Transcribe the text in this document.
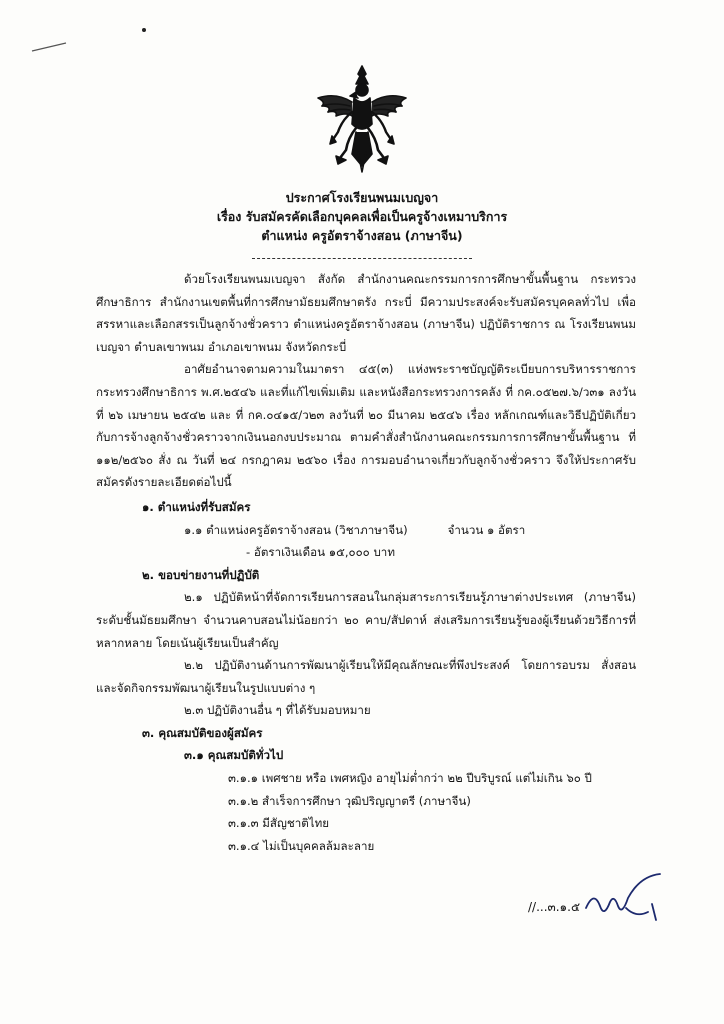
ประกาศโรงเรียนพนมเบญจา
เรื่อง รับสมัครคัดเลือกบุคคลเพื่อเป็นครูจ้างเหมาบริการ
ตำแหน่ง ครูอัตราจ้างสอน (ภาษาจีน)

ด้วยโรงเรียนพนมเบญจา สังกัด สำนักงานคณะกรรมการการศึกษาขั้นพื้นฐาน กระทรวงศึกษาธิการ สำนักงานเขตพื้นที่การศึกษามัธยมศึกษาตรัง กระบี่ มีความประสงค์จะรับสมัครบุคคลทั่วไป เพื่อสรรหาและเลือกสรรเป็นลูกจ้างชั่วคราว ตำแหน่งครูอัตราจ้างสอน (ภาษาจีน) ปฏิบัติราชการ ณ โรงเรียนพนมเบญจา ตำบลเขาพนม อำเภอเขาพนม จังหวัดกระบี่

อาศัยอำนาจตามความในมาตรา ๔๕(๓) แห่งพระราชบัญญัติระเบียบการบริหารราชการกระทรวงศึกษาธิการ พ.ศ.๒๕๔๖ และที่แก้ไขเพิ่มเติม และหนังสือกระทรวงการคลัง ที่ กค.๐๕๒๗.๖/ว๓๑ ลงวันที่ ๒๖ เมษายน ๒๕๔๒ และ ที่ กค.๐๔๑๕/ว๒๓ ลงวันที่ ๒๐ มีนาคม ๒๕๔๖ เรื่อง หลักเกณฑ์และวิธีปฏิบัติเกี่ยวกับการจ้างลูกจ้างชั่วคราวจากเงินนอกงบประมาณ ตามคำสั่งสำนักงานคณะกรรมการการศึกษาขั้นพื้นฐาน ที่ ๑๑๒/๒๕๖๐ สั่ง ณ วันที่ ๒๔ กรกฎาคม ๒๕๖๐ เรื่อง การมอบอำนาจเกี่ยวกับลูกจ้างชั่วคราว จึงให้ประกาศรับสมัครดังรายละเอียดต่อไปนี้

๑. ตำแหน่งที่รับสมัคร
๑.๑ ตำแหน่งครูอัตราจ้างสอน (วิชาภาษาจีน)	จำนวน ๑ อัตรา
- อัตราเงินเดือน ๑๕,๐๐๐ บาท
๒. ขอบข่ายงานที่ปฏิบัติ

๒.๑ ปฏิบัติหน้าที่จัดการเรียนการสอนในกลุ่มสาระการเรียนรู้ภาษาต่างประเทศ (ภาษาจีน) ระดับชั้นมัธยมศึกษา จำนวนคาบสอนไม่น้อยกว่า ๒๐ คาบ/สัปดาห์ ส่งเสริมการเรียนรู้ของผู้เรียนด้วยวิธีการที่หลากหลาย โดยเน้นผู้เรียนเป็นสำคัญ

๒.๒ ปฏิบัติงานด้านการพัฒนาผู้เรียนให้มีคุณลักษณะที่พึงประสงค์ โดยการอบรม สั่งสอน และจัดกิจกรรมพัฒนาผู้เรียนในรูปแบบต่าง ๆ

๒.๓ ปฏิบัติงานอื่น ๆ ที่ได้รับมอบหมาย
๓. คุณสมบัติของผู้สมัคร
๓.๑ คุณสมบัติทั่วไป
๓.๑.๑ เพศชาย หรือ เพศหญิง อายุไม่ต่ำกว่า ๒๒ ปีบริบูรณ์ แต่ไม่เกิน ๖๐ ปี
๓.๑.๒ สำเร็จการศึกษา วุฒิปริญญาตรี (ภาษาจีน)
๓.๑.๓ มีสัญชาติไทย
๓.๑.๔ ไม่เป็นบุคคลล้มละลาย
//...๓.๑.๕
